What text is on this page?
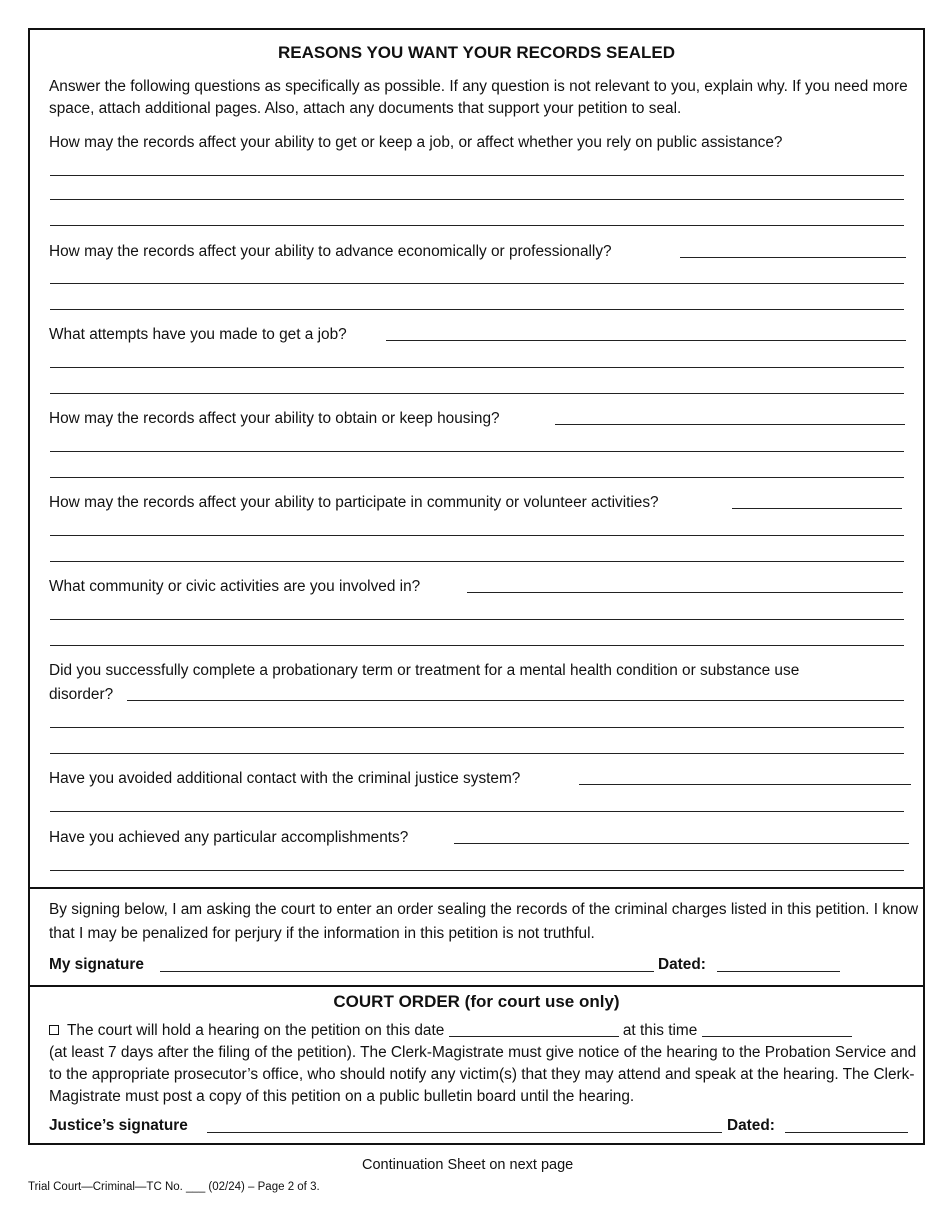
REASONS YOU WANT YOUR RECORDS SEALED
Answer the following questions as specifically as possible. If any question is not relevant to you, explain why. If you need more space, attach additional pages. Also, attach any documents that support your petition to seal.
How may the records affect your ability to get or keep a job, or affect whether you rely on public assistance?
How may the records affect your ability to advance economically or professionally?
What attempts have you made to get a job?
How may the records affect your ability to obtain or keep housing?
How may the records affect your ability to participate in community or volunteer activities?
What community or civic activities are you involved in?
Did you successfully complete a probationary term or treatment for a mental health condition or substance use
disorder?
Have you avoided additional contact with the criminal justice system?
Have you achieved any particular accomplishments?
By signing below, I am asking the court to enter an order sealing the records of the criminal charges listed in this petition. I know that I may be penalized for perjury if the information in this petition is not truthful.
My signature	Dated:
COURT ORDER (for court use only)
The court will hold a hearing on the petition on this date	at this time
(at least 7 days after the filing of the petition). The Clerk-Magistrate must give notice of the hearing to the Probation Service and to the appropriate prosecutor’s office, who should notify any victim(s) that they may attend and speak at the hearing. The Clerk-Magistrate must post a copy of this petition on a public bulletin board until the hearing.
Justice’s signature	Dated:
Continuation Sheet on next page
Trial Court—Criminal—TC No. ___ (02/24) – Page 2 of 3.
